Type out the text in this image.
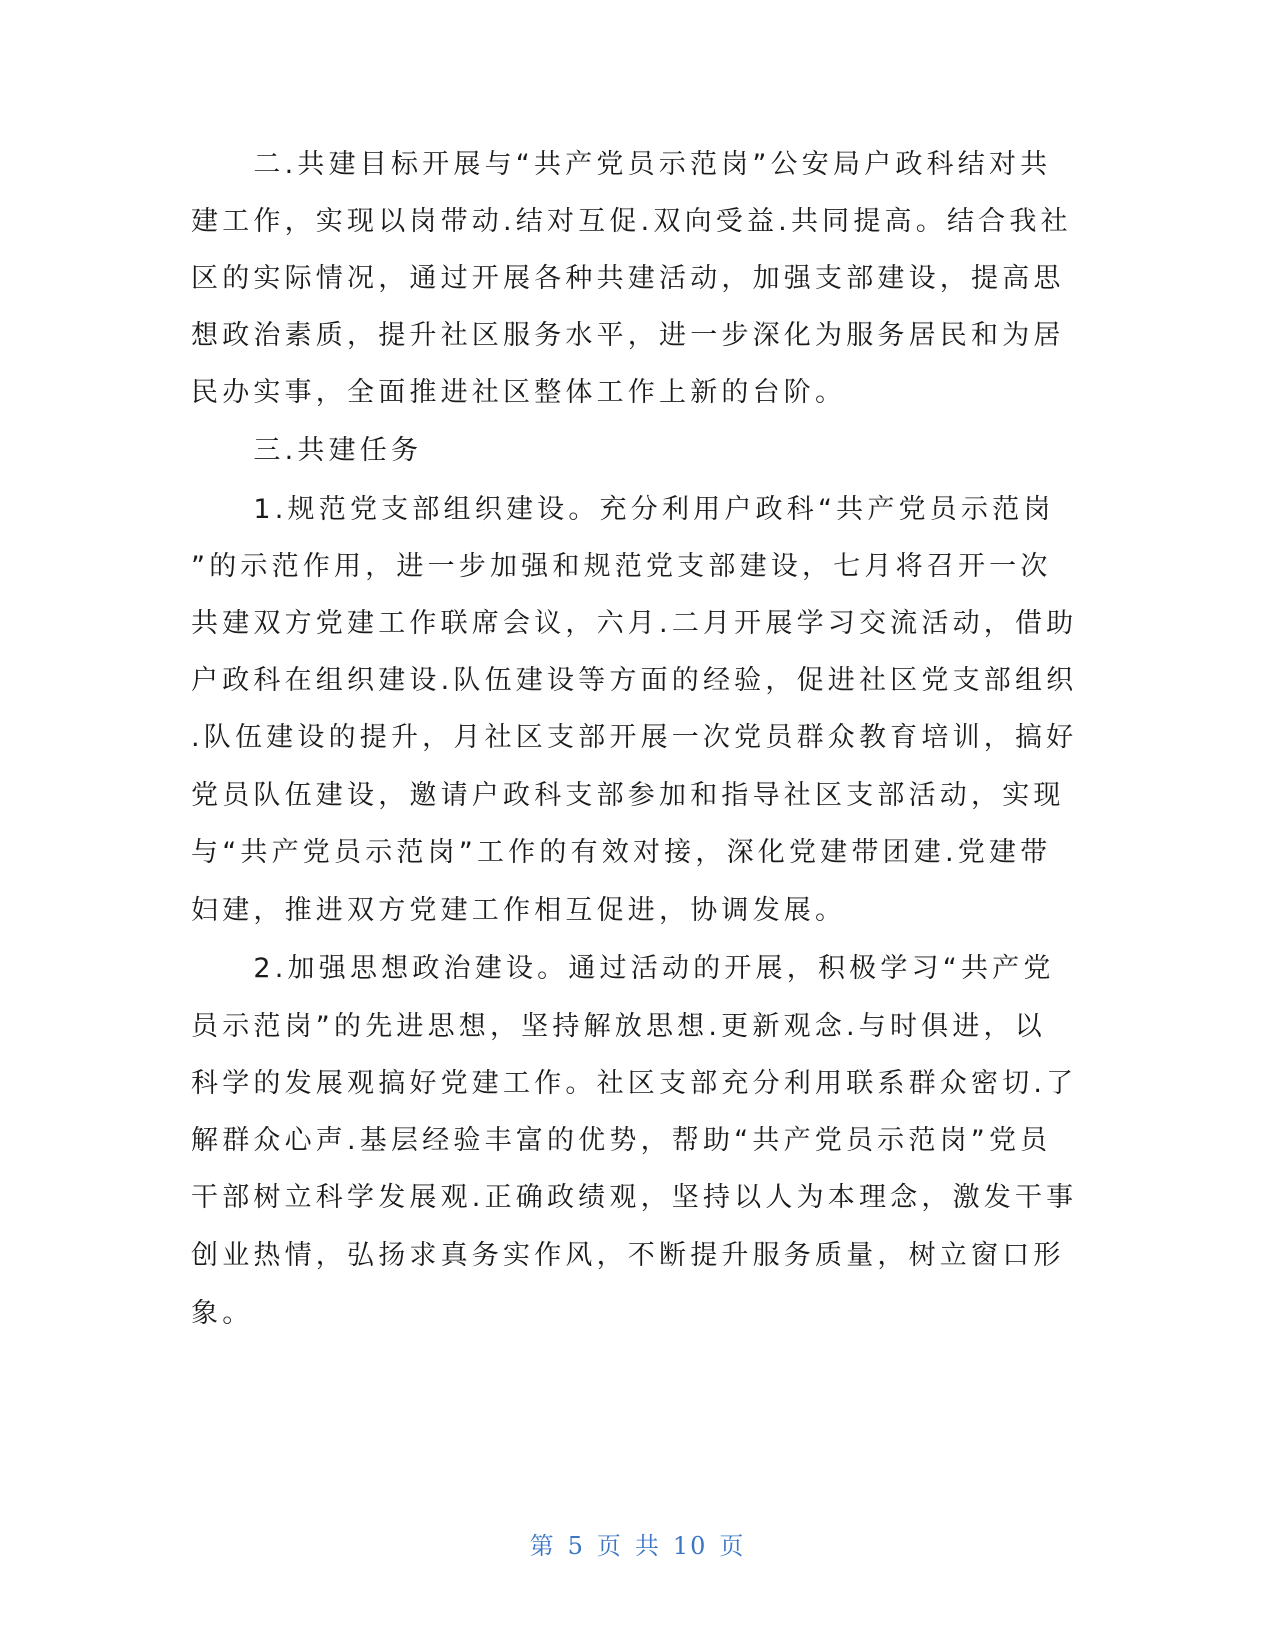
　　二.共建目标开展与“共产党员示范岗”公安局户政科结对共
建工作，实现以岗带动.结对互促.双向受益.共同提高。结合我社
区的实际情况，通过开展各种共建活动，加强支部建设，提高思
想政治素质，提升社区服务水平，进一步深化为服务居民和为居
民办实事，全面推进社区整体工作上新的台阶。
　　三.共建任务
　　1.规范党支部组织建设。充分利用户政科“共产党员示范岗
”的示范作用，进一步加强和规范党支部建设，七月将召开一次
共建双方党建工作联席会议，六月.二月开展学习交流活动，借助
户政科在组织建设.队伍建设等方面的经验，促进社区党支部组织
.队伍建设的提升，月社区支部开展一次党员群众教育培训，搞好
党员队伍建设，邀请户政科支部参加和指导社区支部活动，实现
与“共产党员示范岗”工作的有效对接，深化党建带团建.党建带
妇建，推进双方党建工作相互促进，协调发展。
　　2.加强思想政治建设。通过活动的开展，积极学习“共产党
员示范岗”的先进思想，坚持解放思想.更新观念.与时俱进，以
科学的发展观搞好党建工作。社区支部充分利用联系群众密切.了
解群众心声.基层经验丰富的优势，帮助“共产党员示范岗”党员
干部树立科学发展观.正确政绩观，坚持以人为本理念，激发干事
创业热情，弘扬求真务实作风，不断提升服务质量，树立窗口形
象。
第 5 页 共 10 页
